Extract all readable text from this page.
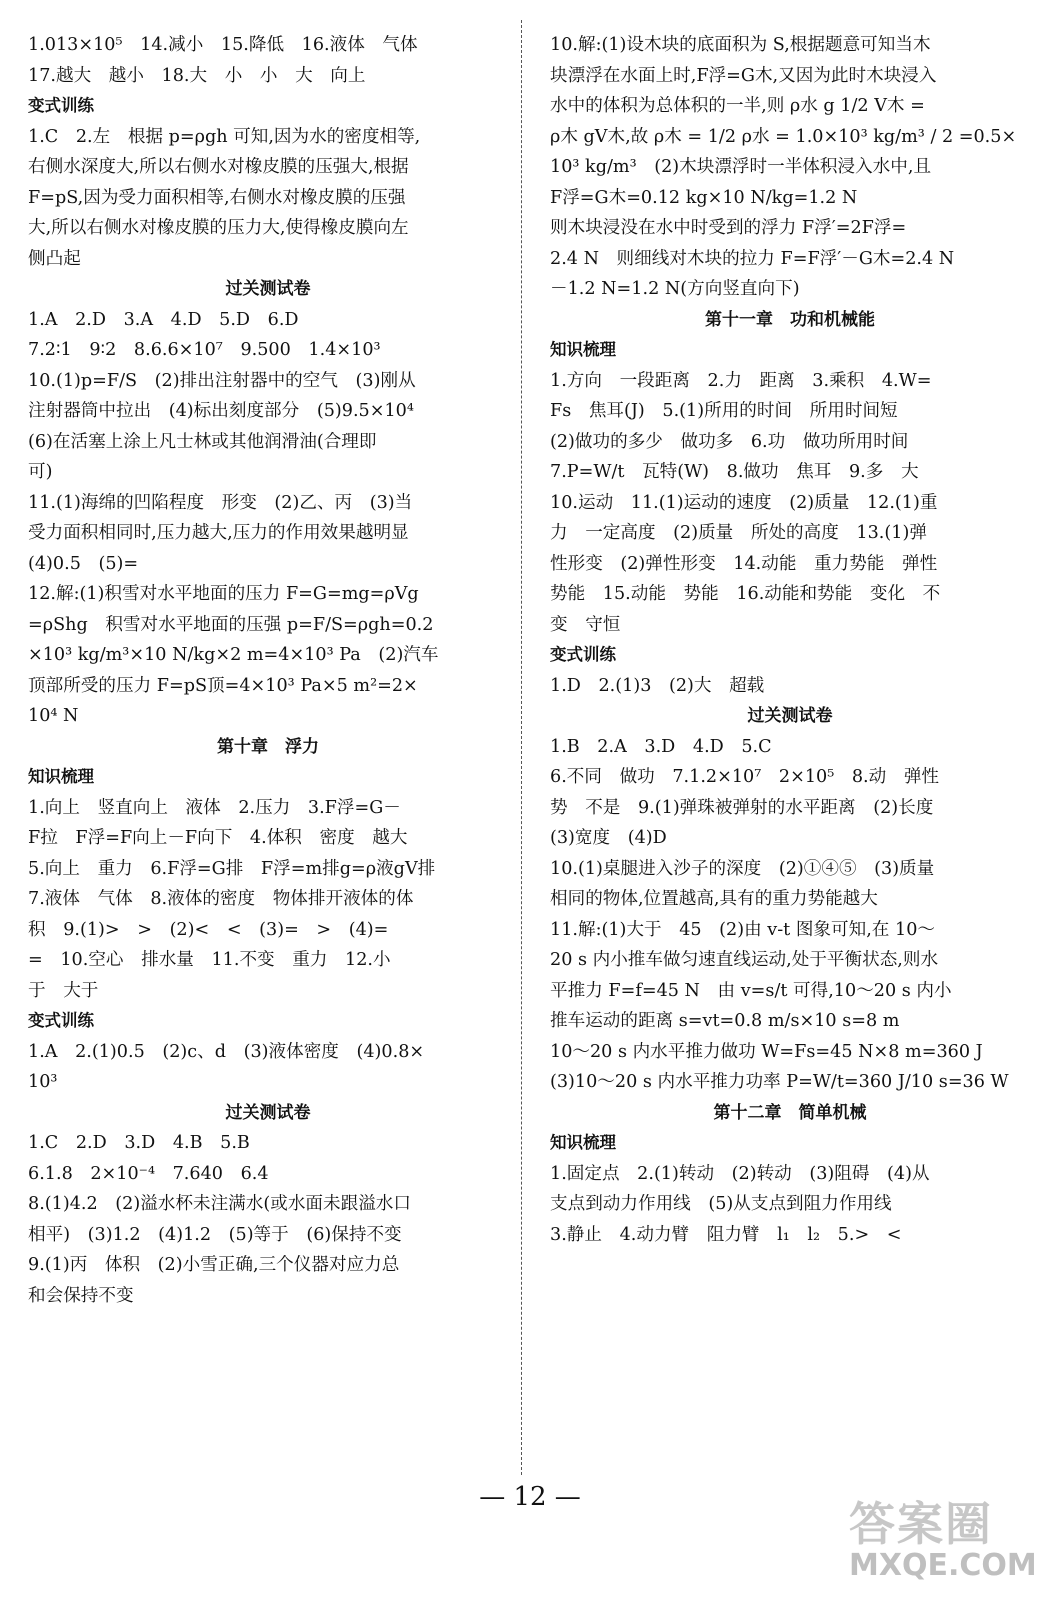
1.013×10⁵　14.减小　15.降低　16.液体　气体
17.越大　越小　18.大　小　小　大　向上
变式训练
1.C　2.左　根据 p=ρgh 可知,因为水的密度相等,
右侧水深度大,所以右侧水对橡皮膜的压强大,根据
F=pS,因为受力面积相等,右侧水对橡皮膜的压强
大,所以右侧水对橡皮膜的压力大,使得橡皮膜向左
侧凸起
过关测试卷
1.A　2.D　3.A　4.D　5.D　6.D
7.2∶1　9∶2　8.6.6×10⁷　9.500　1.4×10³
10.(1)p=F/S　(2)排出注射器中的空气　(3)刚从
注射器筒中拉出　(4)标出刻度部分　(5)9.5×10⁴
(6)在活塞上涂上凡士林或其他润滑油(合理即
可)
11.(1)海绵的凹陷程度　形变　(2)乙、丙　(3)当
受力面积相同时,压力越大,压力的作用效果越明显
(4)0.5　(5)=
12.解:(1)积雪对水平地面的压力 F=G=mg=ρVg
=ρShg　积雪对水平地面的压强 p=F/S=ρgh=0.2
×10³ kg/m³×10 N/kg×2 m=4×10³ Pa　(2)汽车
顶部所受的压力 F=pS顶=4×10³ Pa×5 m²=2×
10⁴ N
第十章　浮力
知识梳理
1.向上　竖直向上　液体　2.压力　3.F浮=G－
F拉　F浮=F向上－F向下　4.体积　密度　越大
5.向上　重力　6.F浮=G排　F浮=m排g=ρ液gV排
7.液体　气体　8.液体的密度　物体排开液体的体
积　9.(1)>　>　(2)<　<　(3)=　>　(4)=
=　10.空心　排水量　11.不变　重力　12.小
于　大于
变式训练
1.A　2.(1)0.5　(2)c、d　(3)液体密度　(4)0.8×
10³
过关测试卷
1.C　2.D　3.D　4.B　5.B
6.1.8　2×10⁻⁴　7.640　6.4
8.(1)4.2　(2)溢水杯未注满水(或水面未跟溢水口
相平)　(3)1.2　(4)1.2　(5)等于　(6)保持不变
9.(1)丙　体积　(2)小雪正确,三个仪器对应力总
和会保持不变
10.解:(1)设木块的底面积为 S,根据题意可知当木
块漂浮在水面上时,F浮=G木,又因为此时木块浸入
水中的体积为总体积的一半,则 ρ水 g 1/2 V木 =
ρ木 gV木,故 ρ木 = 1/2 ρ水 = 1.0×10³ kg/m³ / 2 =0.5×
10³ kg/m³　(2)木块漂浮时一半体积浸入水中,且
F浮=G木=0.12 kg×10 N/kg=1.2 N
则木块浸没在水中时受到的浮力 F浮′=2F浮=
2.4 N　则细线对木块的拉力 F=F浮′－G木=2.4 N
－1.2 N=1.2 N(方向竖直向下)
第十一章　功和机械能
知识梳理
1.方向　一段距离　2.力　距离　3.乘积　4.W=
Fs　焦耳(J)　5.(1)所用的时间　所用时间短
(2)做功的多少　做功多　6.功　做功所用时间
7.P=W/t　瓦特(W)　8.做功　焦耳　9.多　大
10.运动　11.(1)运动的速度　(2)质量　12.(1)重
力　一定高度　(2)质量　所处的高度　13.(1)弹
性形变　(2)弹性形变　14.动能　重力势能　弹性
势能　15.动能　势能　16.动能和势能　变化　不
变　守恒
变式训练
1.D　2.(1)3　(2)大　超载
过关测试卷
1.B　2.A　3.D　4.D　5.C
6.不同　做功　7.1.2×10⁷　2×10⁵　8.动　弹性
势　不是　9.(1)弹珠被弹射的水平距离　(2)长度
(3)宽度　(4)D
10.(1)桌腿进入沙子的深度　(2)①④⑤　(3)质量
相同的物体,位置越高,具有的重力势能越大
11.解:(1)大于　45　(2)由 v-t 图象可知,在 10～
20 s 内小推车做匀速直线运动,处于平衡状态,则水
平推力 F=f=45 N　由 v=s/t 可得,10～20 s 内小
推车运动的距离 s=vt=0.8 m/s×10 s=8 m
10～20 s 内水平推力做功 W=Fs=45 N×8 m=360 J
(3)10～20 s 内水平推力功率 P=W/t=360 J/10 s=36 W
第十二章　简单机械
知识梳理
1.固定点　2.(1)转动　(2)转动　(3)阻碍　(4)从
支点到动力作用线　(5)从支点到阻力作用线
3.静止　4.动力臂　阻力臂　l₁　l₂　5.>　<
— 12 —	答案圈
MXQE.COM
